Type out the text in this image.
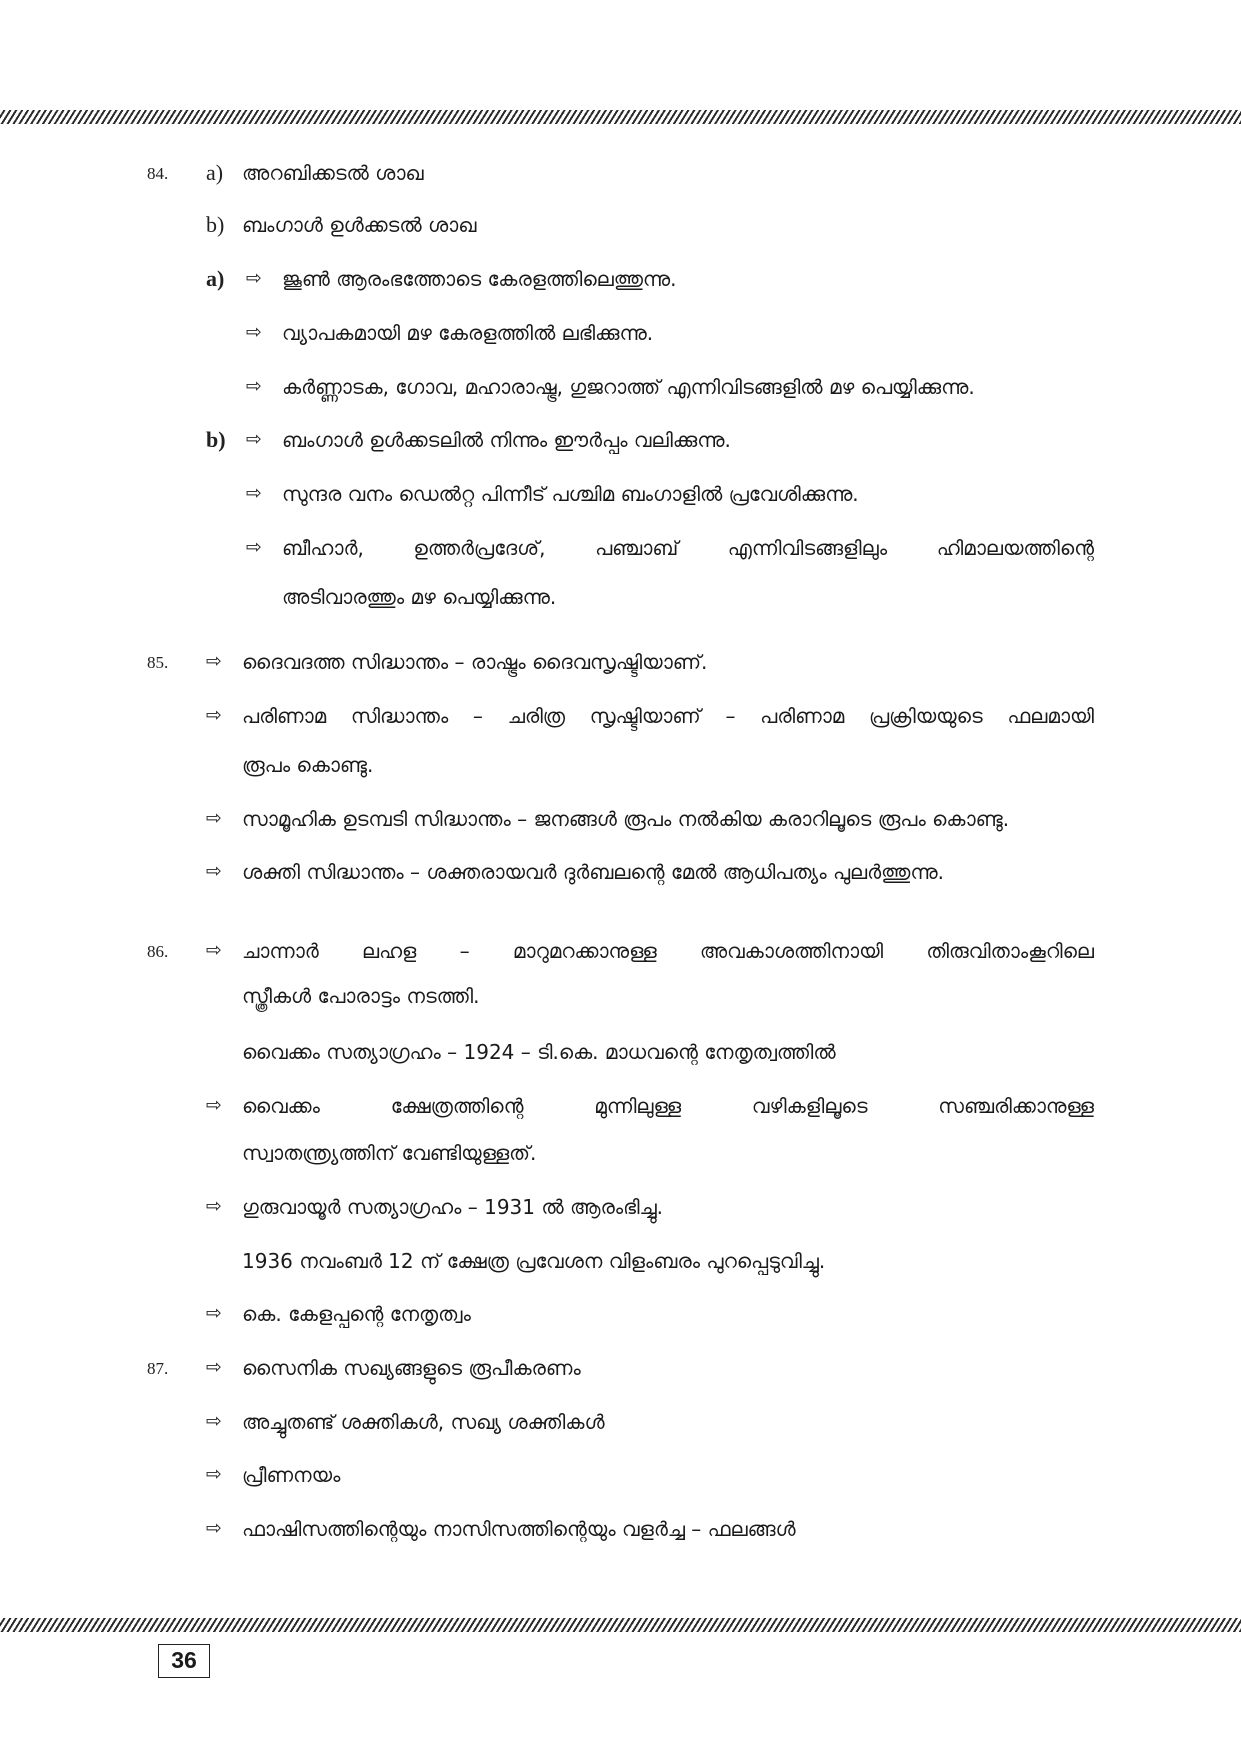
84. a) അറബിക്കടൽ ശാഖ
b) ബംഗാൾ ഉൾക്കടൽ ശാഖ
a) ⇨ ജൂൺ ആരംഭത്തോടെ കേരളത്തിലെത്തുന്നു.
⇨ വ്യാപകമായി മഴ കേരളത്തിൽ ലഭിക്കുന്നു.
⇨ കർണ്ണാടക, ഗോവ, മഹാരാഷ്ട്ര, ഗുജറാത്ത് എന്നിവിടങ്ങളിൽ മഴ പെയ്യിക്കുന്നു.
b) ⇨ ബംഗാൾ ഉൾക്കടലിൽ നിന്നും ഈർപ്പം വലിക്കുന്നു.
⇨ സുന്ദര വനം ഡെൽറ്റ പിന്നീട് പശ്ചിമ ബംഗാളിൽ പ്രവേശിക്കുന്നു.
⇨ ബീഹാർ, ഉത്തർപ്രദേശ്, പഞ്ചാബ് എന്നിവിടങ്ങളിലും ഹിമാലയത്തിന്റെ
അടിവാരത്തും മഴ പെയ്യിക്കുന്നു.
85. ⇨ ദൈവദത്ത സിദ്ധാന്തം – രാഷ്ട്രം ദൈവസൃഷ്ടിയാണ്.
⇨ പരിണാമ സിദ്ധാന്തം – ചരിത്ര സൃഷ്ടിയാണ് – പരിണാമ പ്രക്രിയയുടെ ഫലമായി
രൂപം കൊണ്ടു.
⇨ സാമൂഹിക ഉടമ്പടി സിദ്ധാന്തം – ജനങ്ങൾ രൂപം നൽകിയ കരാറിലൂടെ രൂപം കൊണ്ടു.
⇨ ശക്തി സിദ്ധാന്തം – ശക്തരായവർ ദുർബലന്റെ മേൽ ആധിപത്യം പുലർത്തുന്നു.
86. ⇨ ചാന്നാർ ലഹള – മാറുമറക്കാനുള്ള അവകാശത്തിനായി തിരുവിതാംകൂറിലെ
സ്ത്രീകൾ പോരാട്ടം നടത്തി.
വൈക്കം സത്യാഗ്രഹം – 1924 – ടി.കെ. മാധവന്റെ നേതൃത്വത്തിൽ
⇨ വൈക്കം ക്ഷേത്രത്തിന്റെ മുന്നിലുള്ള വഴികളിലൂടെ സഞ്ചരിക്കാനുള്ള
സ്വാതന്ത്ര്യത്തിന് വേണ്ടിയുള്ളത്.
⇨ ഗുരുവായൂർ സത്യാഗ്രഹം – 1931 ൽ ആരംഭിച്ചു.
1936 നവംബർ 12 ന് ക്ഷേത്ര പ്രവേശന വിളംബരം പുറപ്പെടുവിച്ചു.
⇨ കെ. കേളപ്പന്റെ നേതൃത്വം
87. ⇨ സൈനിക സഖ്യങ്ങളുടെ രൂപീകരണം
⇨ അച്ചുതണ്ട് ശക്തികൾ, സഖ്യ ശക്തികൾ
⇨ പ്രീണനയം
⇨ ഫാഷിസത്തിന്റെയും നാസിസത്തിന്റെയും വളർച്ച – ഫലങ്ങൾ
36
